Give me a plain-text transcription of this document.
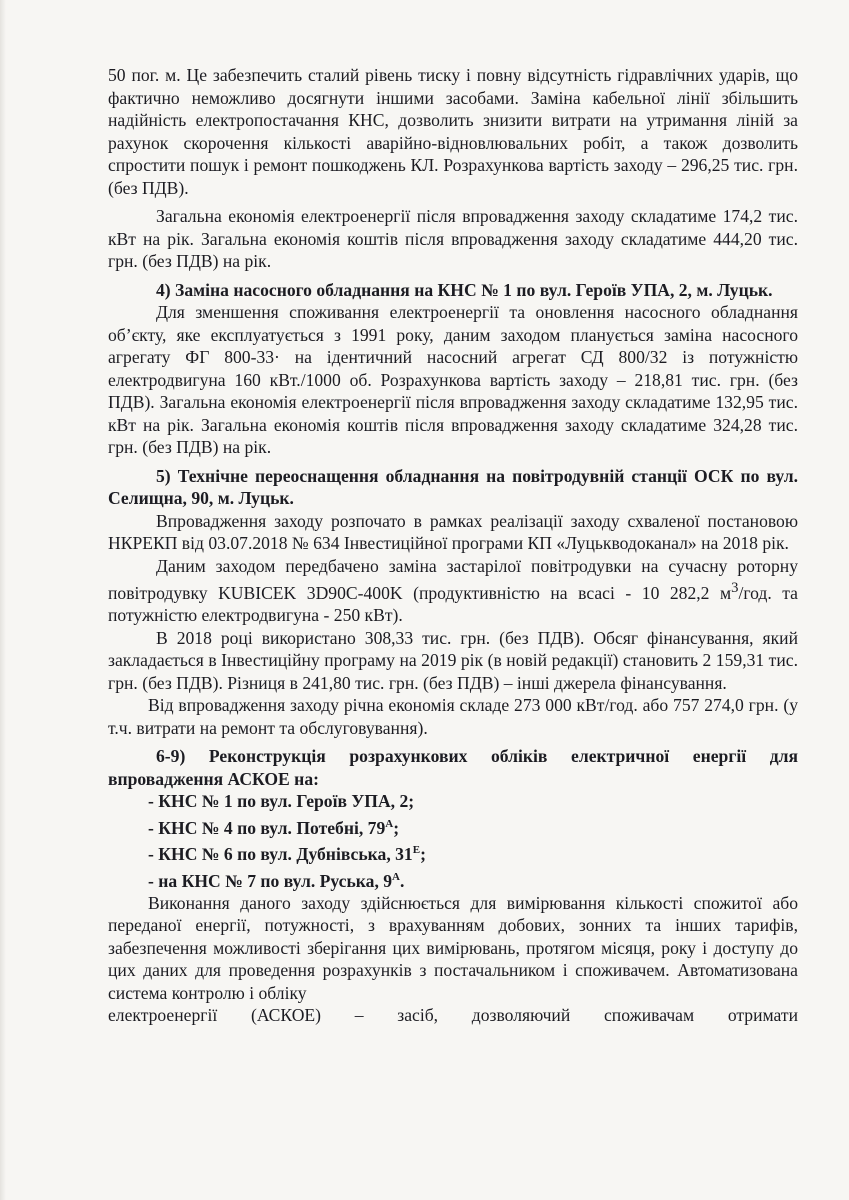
50 пог. м. Це забезпечить сталий рівень тиску і повну відсутність гідравлічних ударів, що фактично неможливо досягнути іншими засобами. Заміна кабельної лінії збільшить надійність електропостачання КНС, дозволить знизити витрати на утримання ліній за рахунок скорочення кількості аварійно-відновлювальних робіт, а також дозволить спростити пошук і ремонт пошкоджень КЛ. Розрахункова вартість заходу – 296,25 тис. грн. (без ПДВ).

Загальна економія електроенергії після впровадження заходу складатиме 174,2 тис. кВт на рік. Загальна економія коштів після впровадження заходу складатиме 444,20 тис. грн. (без ПДВ) на рік.

4) Заміна насосного обладнання на КНС № 1 по вул. Героїв УПА, 2, м. Луцьк.

Для зменшення споживання електроенергії та оновлення насосного обладнання об’єкту, яке експлуатується з 1991 року, даним заходом планується заміна насосного агрегату ФГ 800-33· на ідентичний насосний агрегат СД 800/32 із потужністю електродвигуна 160 кВт./1000 об. Розрахункова вартість заходу – 218,81 тис. грн. (без ПДВ). Загальна економія електроенергії після впровадження заходу складатиме 132,95 тис. кВт на рік. Загальна економія коштів після впровадження заходу складатиме 324,28 тис. грн. (без ПДВ) на рік.

5) Технічне переоснащення обладнання на повітродувній станції ОСК по вул. Селищна, 90, м. Луцьк.

Впровадження заходу розпочато в рамках реалізації заходу схваленої постановою НКРЕКП від 03.07.2018 № 634 Інвестиційної програми КП «Луцькводоканал» на 2018 рік.

Даним заходом передбачено заміна застарілої повітродувки на сучасну роторну повітродувку KUBICEK 3D90C-400K (продуктивністю на всасі - 10 282,2 $м^3$/год. та потужністю електродвигуна - 250 кВт).

В 2018 році використано 308,33 тис. грн. (без ПДВ). Обсяг фінансування, який закладається в Інвестиційну програму на 2019 рік (в новій редакції) становить 2 159,31 тис. грн. (без ПДВ). Різниця в 241,80 тис. грн. (без ПДВ) – інші джерела фінансування.

Від впровадження заходу річна економія складе 273 000 кВт/год. або 757 274,0 грн. (у т.ч. витрати на ремонт та обслуговування).

6-9) Реконструкція розрахункових обліків електричної енергії для впровадження АСКОЕ на:

- КНС № 1 по вул. Героїв УПА, 2;
- КНС № 4 по вул. Потебні, $79^А$;
- КНС № 6 по вул. Дубнівська, $31^Е$;
- на КНС № 7 по вул. Руська, $9^А$.

Виконання даного заходу здійснюється для вимірювання кількості спожитої або переданої енергії, потужності, з врахуванням добових, зонних та інших тарифів, забезпечення можливості зберігання цих вимірювань, протягом місяця, року і доступу до цих даних для проведення розрахунків з постачальником і споживачем. Автоматизована система контролю і обліку

електроенергії (АСКОЕ) – засіб, дозволяючий споживачам отримати
